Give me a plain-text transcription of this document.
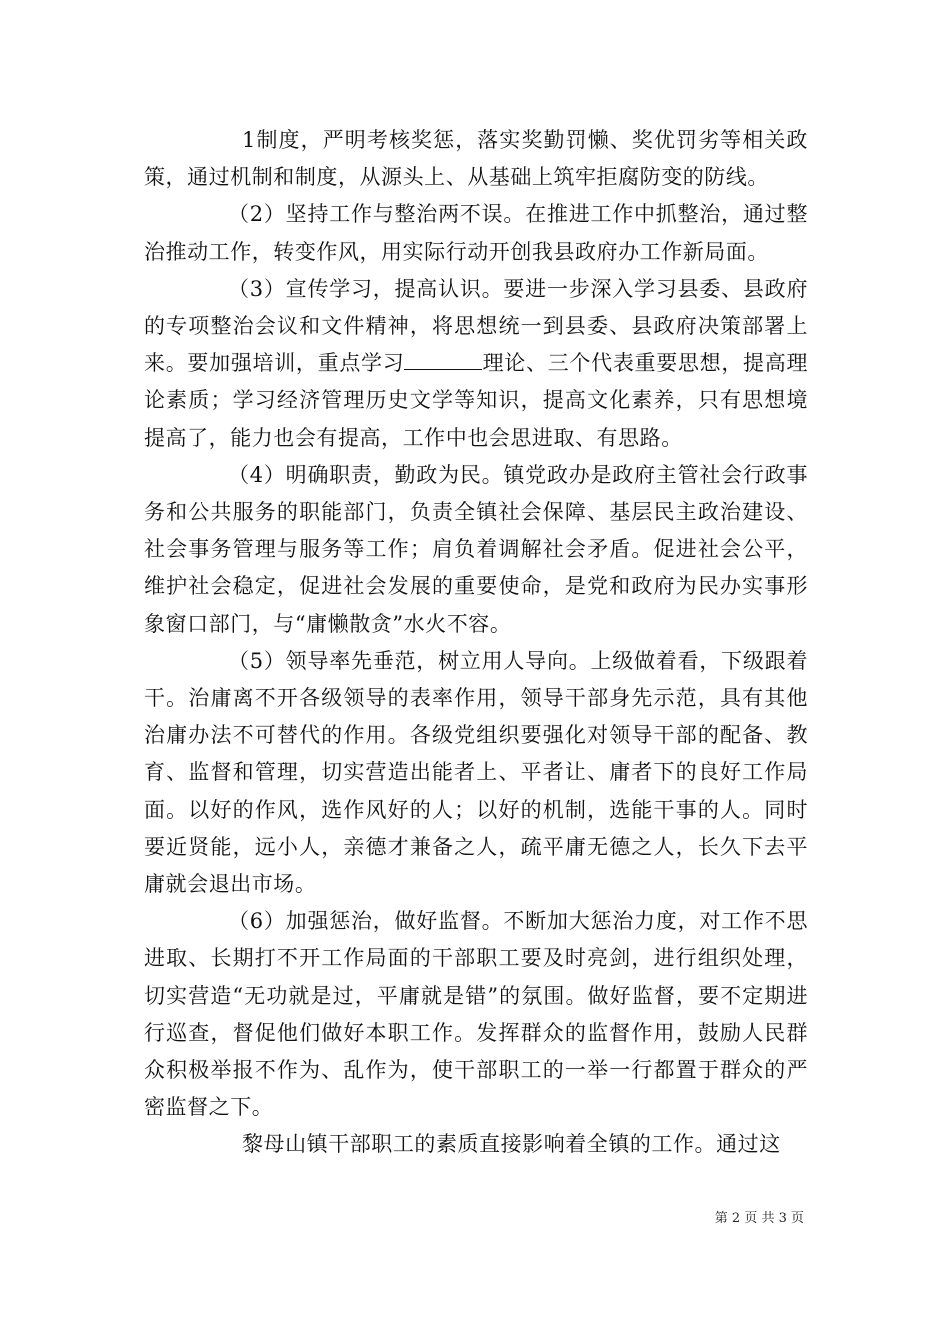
1制度，严明考核奖惩，落实奖勤罚懒、奖优罚劣等相关政策，通过机制和制度，从源头上、从基础上筑牢拒腐防变的防线。

（2）坚持工作与整治两不误。在推进工作中抓整治，通过整治推动工作，转变作风，用实际行动开创我县政府办工作新局面。

（3）宣传学习，提高认识。要进一步深入学习县委、县政府的专项整治会议和文件精神，将思想统一到县委、县政府决策部署上来。要加强培训，重点学习	理论、三个代表重要思想，提高理论素质；学习经济管理历史文学等知识，提高文化素养，只有思想境提高了，能力也会有提高，工作中也会思进取、有思路。

（4）明确职责，勤政为民。镇党政办是政府主管社会行政事务和公共服务的职能部门，负责全镇社会保障、基层民主政治建设、社会事务管理与服务等工作；肩负着调解社会矛盾。促进社会公平，维护社会稳定，促进社会发展的重要使命，是党和政府为民办实事形象窗口部门，与“庸懒散贪”水火不容。

（5）领导率先垂范，树立用人导向。上级做着看，下级跟着干。治庸离不开各级领导的表率作用，领导干部身先示范，具有其他治庸办法不可替代的作用。各级党组织要强化对领导干部的配备、教育、监督和管理，切实营造出能者上、平者让、庸者下的良好工作局面。以好的作风，选作风好的人；以好的机制，选能干事的人。同时要近贤能，远小人，亲德才兼备之人，疏平庸无德之人，长久下去平庸就会退出市场。

（6）加强惩治，做好监督。不断加大惩治力度，对工作不思进取、长期打不开工作局面的干部职工要及时亮剑，进行组织处理，切实营造“无功就是过，平庸就是错”的氛围。做好监督，要不定期进行巡查，督促他们做好本职工作。发挥群众的监督作用，鼓励人民群众积极举报不作为、乱作为，使干部职工的一举一行都置于群众的严密监督之下。

黎母山镇干部职工的素质直接影响着全镇的工作。通过这

第 2 页 共 3 页
